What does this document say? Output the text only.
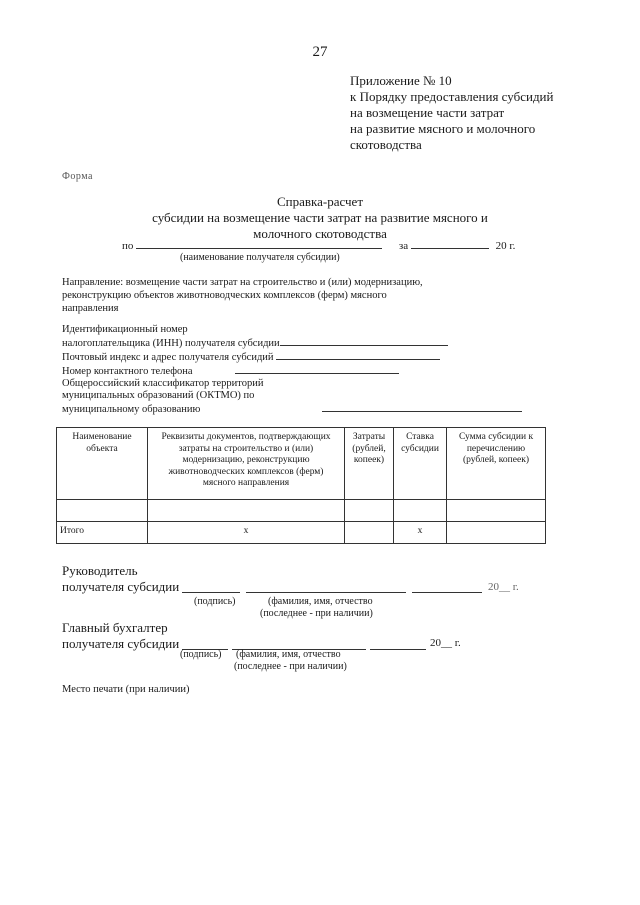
27
Приложение № 10
к Порядку предоставления субсидий
на возмещение части затрат
на развитие мясного и молочного
скотоводства
Форма
Справка-расчет
субсидии на возмещение части затрат на развитие мясного и
молочного скотоводства
по	за	20 г.
(наименование получателя субсидии)
Направление: возмещение части затрат на строительство и (или) модернизацию, реконструкцию объектов животноводческих комплексов (ферм) мясного направления
Идентификационный номер
налогоплательщика (ИНН) получателя субсидии
Почтовый индекс и адрес получателя субсидий
Номер контактного телефона
Общероссийский классификатор территорий
муниципальных образований (ОКТМО) по
муниципальному образованию
Наименование объекта	Реквизиты документов, подтверждающих затраты на строительство и (или) модернизацию, реконструкцию животноводческих комплексов (ферм) мясного направления	Затраты (рублей, копеек)	Ставка субсидии	Сумма субсидии к перечислению (рублей, копеек)

Итого	x		x	
Руководитель
получателя субсидии	20__ г.
(подпись)	(фамилия, имя, отчество
(последнее - при наличии)
Главный бухгалтер
получателя субсидии	20__ г.
(подпись) (фамилия, имя, отчество
(последнее - при наличии)
Место печати (при наличии)
